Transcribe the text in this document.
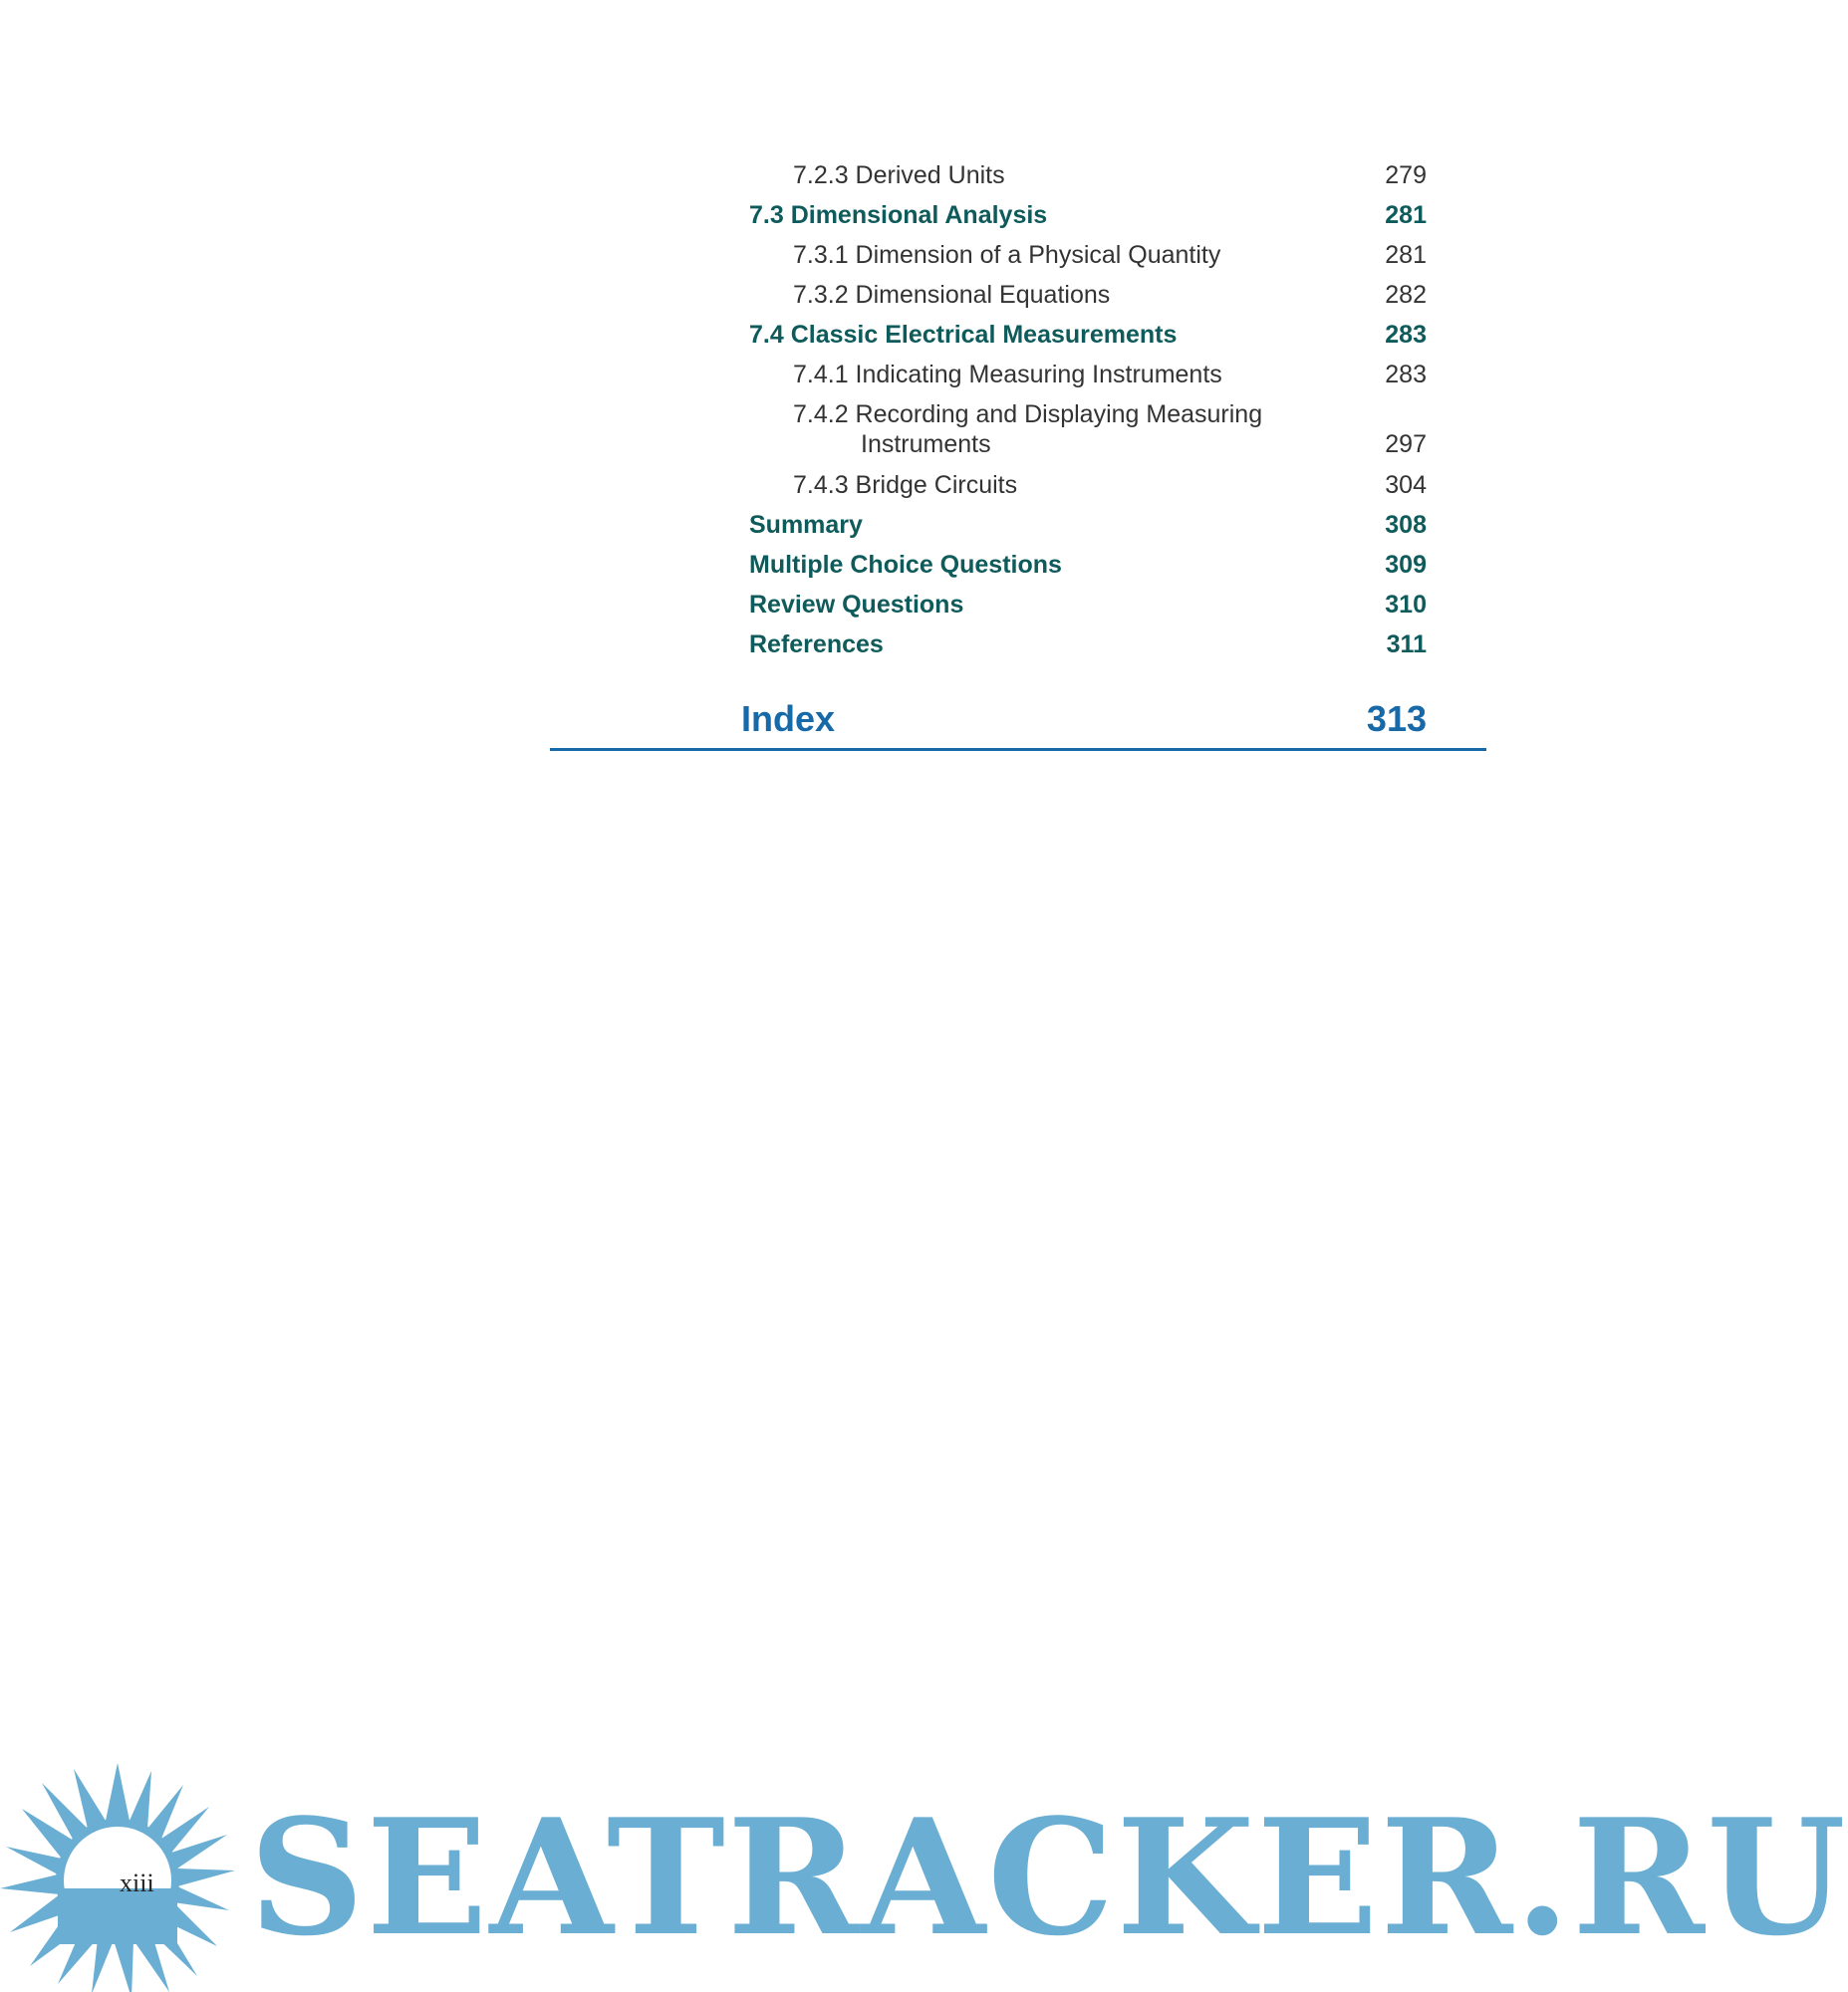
7.2.3 Derived Units	279
7.3 Dimensional Analysis	281
7.3.1 Dimension of a Physical Quantity	281
7.3.2 Dimensional Equations	282
7.4 Classic Electrical Measurements	283
7.4.1 Indicating Measuring Instruments	283
7.4.2 Recording and Displaying Measuring
Instruments	297
7.4.3 Bridge Circuits	304
Summary	308
Multiple Choice Questions	309
Review Questions	310
References	311
Index	313
SEATRACKER.RU
xiii
